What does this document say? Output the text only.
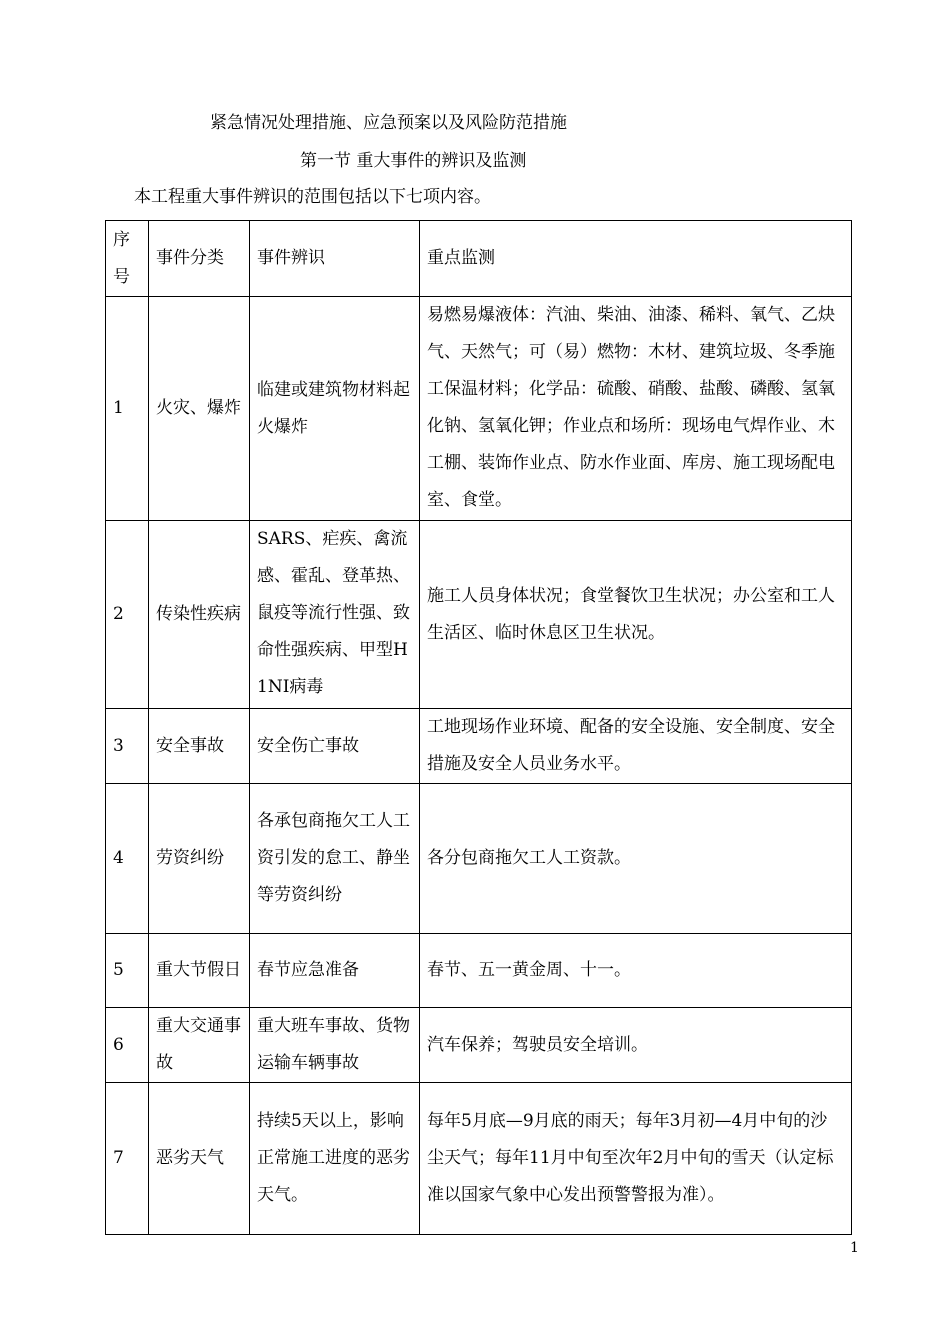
紧急情况处理措施、应急预案以及风险防范措施
第一节 重大事件的辨识及监测
本工程重大事件辨识的范围包括以下七项内容。
序号	事件分类	事件辨识	重点监测
1	火灾、爆炸	临建或建筑物材料起火爆炸	易燃易爆液体：汽油、柴油、油漆、稀料、氧气、乙炔气、天然气；可（易）燃物：木材、建筑垃圾、冬季施工保温材料；化学品：硫酸、硝酸、盐酸、磷酸、氢氧化钠、氢氧化钾；作业点和场所：现场电气焊作业、木工棚、装饰作业点、防水作业面、库房、施工现场配电室、食堂。
2	传染性疾病	SARS、疟疾、禽流感、霍乱、登革热、鼠疫等流行性强、致命性强疾病、甲型H1NI病毒	施工人员身体状况；食堂餐饮卫生状况；办公室和工人生活区、临时休息区卫生状况。
3	安全事故	安全伤亡事故	工地现场作业环境、配备的安全设施、安全制度、安全措施及安全人员业务水平。
4	劳资纠纷	各承包商拖欠工人工资引发的怠工、静坐等劳资纠纷	各分包商拖欠工人工资款。
5	重大节假日	春节应急准备	春节、五一黄金周、十一。
6	重大交通事故	重大班车事故、货物运输车辆事故	汽车保养；驾驶员安全培训。
7	恶劣天气	持续5天以上，影响正常施工进度的恶劣天气。	每年5月底—9月底的雨天；每年3月初—4月中旬的沙尘天气；每年11月中旬至次年2月中旬的雪天（认定标准以国家气象中心发出预警警报为准）。
1
